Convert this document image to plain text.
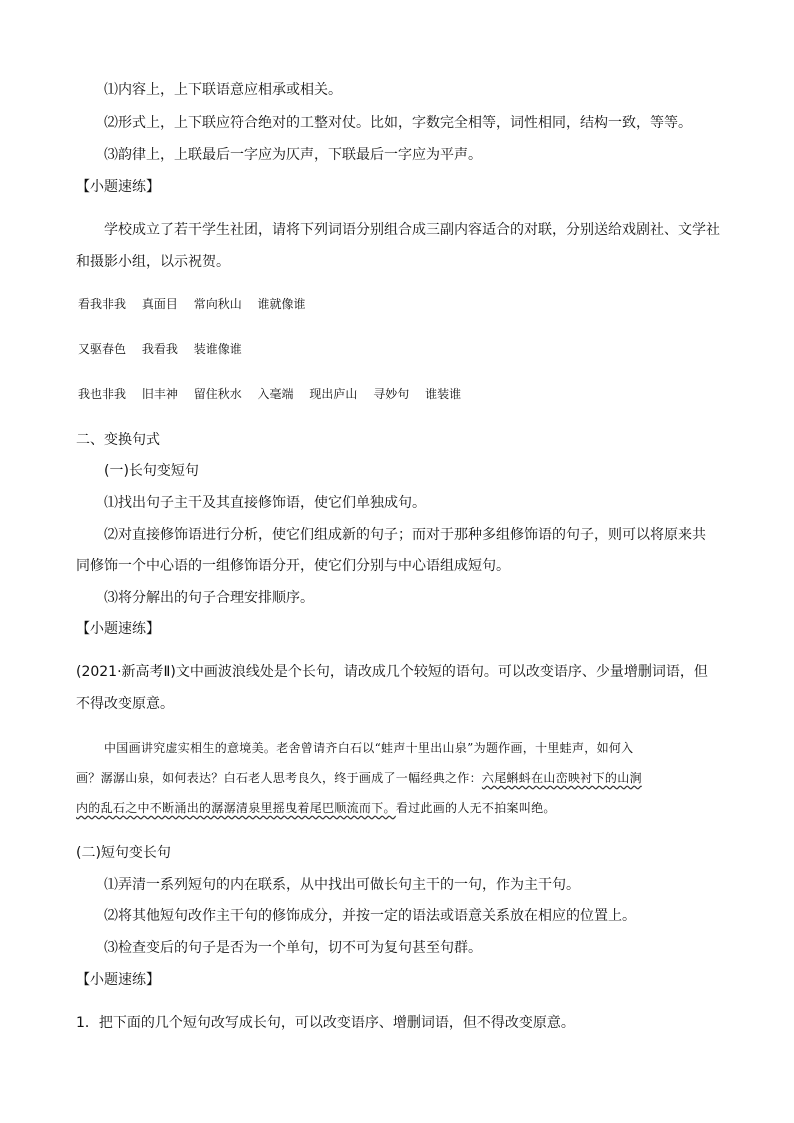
⑴内容上，上下联语意应相承或相关。
⑵形式上，上下联应符合绝对的工整对仗。比如，字数完全相等，词性相同，结构一致，等等。
⑶韵律上，上联最后一字应为仄声，下联最后一字应为平声。
【小题速练】
学校成立了若干学生社团，请将下列词语分别组合成三副内容适合的对联，分别送给戏剧社、文学社
和摄影小组，以示祝贺。
看我非我 真面目 常向秋山 谁就像谁
又驱春色 我看我 装谁像谁
我也非我 旧丰神 留住秋水 入毫端 现出庐山 寻妙句 谁装谁
二、变换句式
(一)长句变短句
⑴找出句子主干及其直接修饰语，使它们单独成句。
⑵对直接修饰语进行分析，使它们组成新的句子；而对于那种多组修饰语的句子，则可以将原来共
同修饰一个中心语的一组修饰语分开，使它们分别与中心语组成短句。
⑶将分解出的句子合理安排顺序。
【小题速练】
(2021·新高考Ⅱ)文中画波浪线处是个长句，请改成几个较短的语句。可以改变语序、少量增删词语，但
不得改变原意。
中国画讲究虚实相生的意境美。老舍曾请齐白石以“蛙声十里出山泉”为题作画，十里蛙声，如何入
画？潺潺山泉，如何表达？白石老人思考良久，终于画成了一幅经典之作：六尾蝌蚪在山峦映衬下的山涧
内的乱石之中不断涌出的潺潺清泉里摇曳着尾巴顺流而下。看过此画的人无不拍案叫绝。
(二)短句变长句
⑴弄清一系列短句的内在联系，从中找出可做长句主干的一句，作为主干句。
⑵将其他短句改作主干句的修饰成分，并按一定的语法或语意关系放在相应的位置上。
⑶检查变后的句子是否为一个单句，切不可为复句甚至句群。
【小题速练】
1．把下面的几个短句改写成长句，可以改变语序、增删词语，但不得改变原意。
